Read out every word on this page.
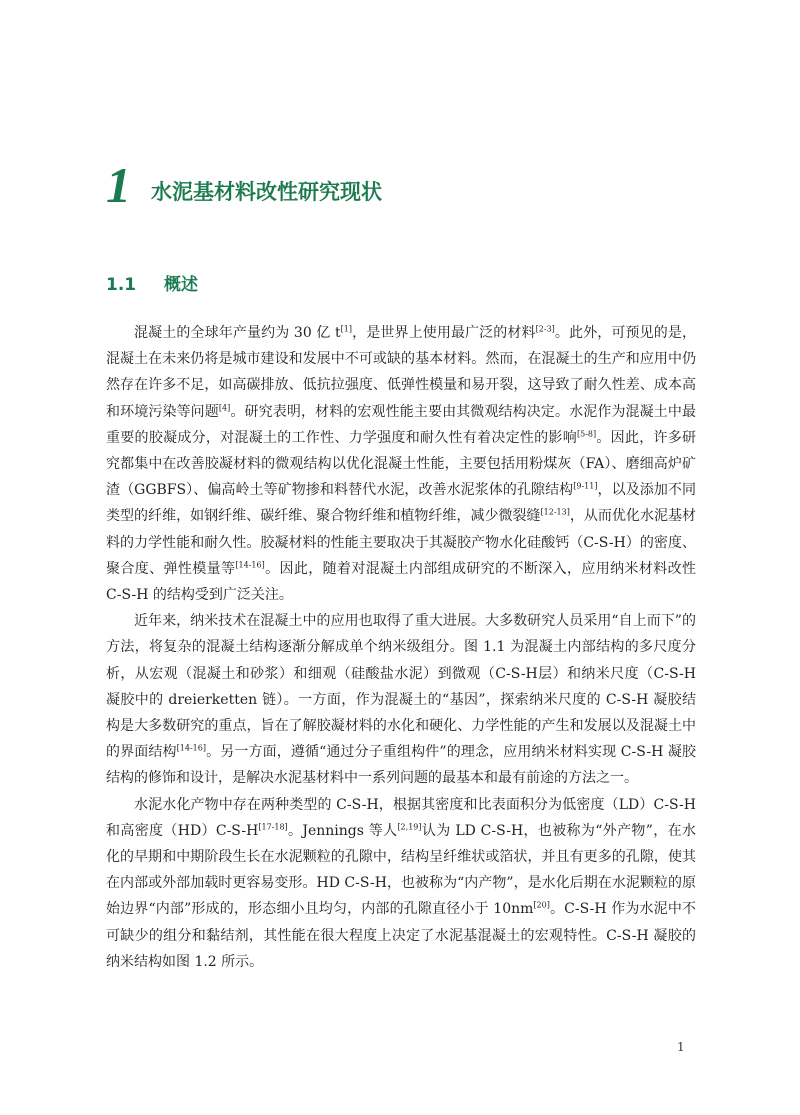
1 水泥基材料改性研究现状
1.1 概述

混凝土的全球年产量约为 30 亿 t[1]，是世界上使用最广泛的材料[2-3]。此外，可预见的是，混凝土在未来仍将是城市建设和发展中不可或缺的基本材料。然而，在混凝土的生产和应用中仍然存在许多不足，如高碳排放、低抗拉强度、低弹性模量和易开裂，这导致了耐久性差、成本高和环境污染等问题[4]。研究表明，材料的宏观性能主要由其微观结构决定。水泥作为混凝土中最重要的胶凝成分，对混凝土的工作性、力学强度和耐久性有着决定性的影响[5-8]。因此，许多研究都集中在改善胶凝材料的微观结构以优化混凝土性能，主要包括用粉煤灰（FA）、磨细高炉矿渣（GGBFS）、偏高岭土等矿物掺和料替代水泥，改善水泥浆体的孔隙结构[9-11]，以及添加不同类型的纤维，如钢纤维、碳纤维、聚合物纤维和植物纤维，减少微裂缝[12-13]，从而优化水泥基材料的力学性能和耐久性。胶凝材料的性能主要取决于其凝胶产物水化硅酸钙（C-S-H）的密度、聚合度、弹性模量等[14-16]。因此，随着对混凝土内部组成研究的不断深入，应用纳米材料改性 C-S-H 的结构受到广泛关注。

近年来，纳米技术在混凝土中的应用也取得了重大进展。大多数研究人员采用“自上而下”的方法，将复杂的混凝土结构逐渐分解成单个纳米级组分。图 1.1 为混凝土内部结构的多尺度分析，从宏观（混凝土和砂浆）和细观（硅酸盐水泥）到微观（C-S-H层）和纳米尺度（C-S-H 凝胶中的 dreierketten 链）。一方面，作为混凝土的“基因”，探索纳米尺度的 C-S-H 凝胶结构是大多数研究的重点，旨在了解胶凝材料的水化和硬化、力学性能的产生和发展以及混凝土中的界面结构[14-16]。另一方面，遵循“通过分子重组构件”的理念，应用纳米材料实现 C-S-H 凝胶结构的修饰和设计，是解决水泥基材料中一系列问题的最基本和最有前途的方法之一。

水泥水化产物中存在两种类型的 C-S-H，根据其密度和比表面积分为低密度（LD）C-S-H 和高密度（HD）C-S-H[17-18]。Jennings 等人[2,19]认为 LD C-S-H，也被称为“外产物”，在水化的早期和中期阶段生长在水泥颗粒的孔隙中，结构呈纤维状或箔状，并且有更多的孔隙，使其在内部或外部加载时更容易变形。HD C-S-H，也被称为“内产物”，是水化后期在水泥颗粒的原始边界“内部”形成的，形态细小且均匀，内部的孔隙直径小于 10nm[20]。C-S-H 作为水泥中不可缺少的组分和黏结剂，其性能在很大程度上决定了水泥基混凝土的宏观特性。C-S-H 凝胶的纳米结构如图 1.2 所示。

1
